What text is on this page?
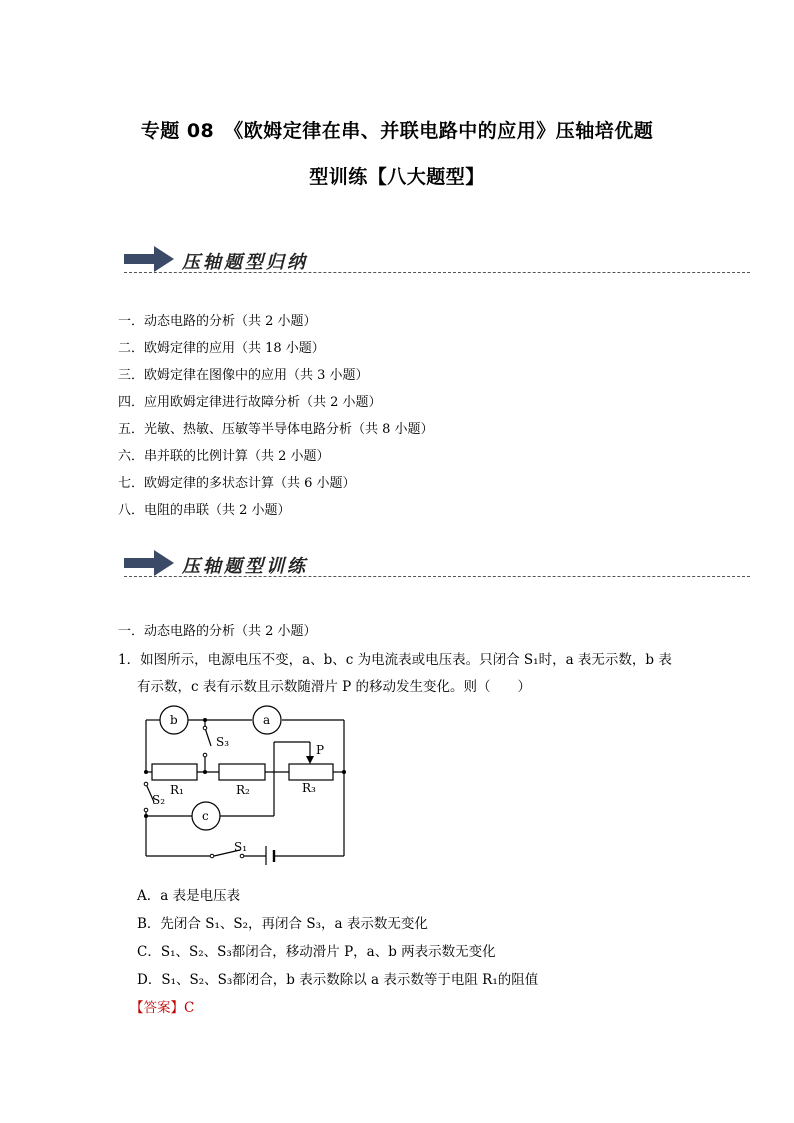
专题 08　《欧姆定律在串、并联电路中的应用》压轴培优题
型训练【八大题型】
压轴题型归纳
一．动态电路的分析（共 2 小题）
二．欧姆定律的应用（共 18 小题）
三．欧姆定律在图像中的应用（共 3 小题）
四．应用欧姆定律进行故障分析（共 2 小题）
五．光敏、热敏、压敏等半导体电路分析（共 8 小题）
六．串并联的比例计算（共 2 小题）
七．欧姆定律的多状态计算（共 6 小题）
八．电阻的串联（共 2 小题）
压轴题型训练
一．动态电路的分析（共 2 小题）
1．如图所示，电源电压不变，a、b、c 为电流表或电压表。只闭合 S₁时，a 表无示数，b 表
有示数，c 表有示数且示数随滑片 P 的移动发生变化。则（　　）
b	a
c
S₃
S₂
S₁
R₁	R₂	R₃
P
A．a 表是电压表
B．先闭合 S₁、S₂，再闭合 S₃，a 表示数无变化
C．S₁、S₂、S₃都闭合，移动滑片 P，a、b 两表示数无变化
D．S₁、S₂、S₃都闭合，b 表示数除以 a 表示数等于电阻 R₁的阻值
【答案】C
